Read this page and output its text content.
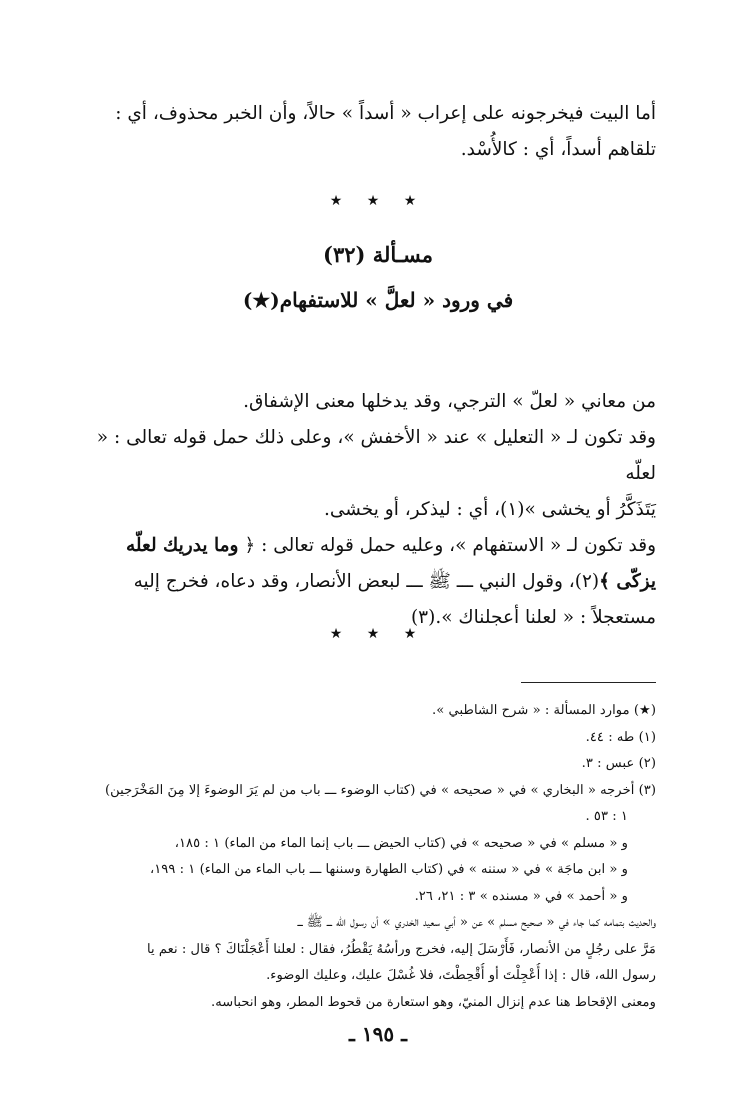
أما البيت فيخرجونه على إعراب « أسداً » حالاً، وأن الخبر محذوف، أي :
تلقاهم أسداً، أي : كالأُسْد.
★ ★ ★
مسـألة (٣٢)
في ورود « لعلَّ » للاستفهام(★)

من معاني « لعلّ » الترجي، وقد يدخلها معنى الإشفاق.

وقد تكون لـ « التعليل » عند « الأخفش »، وعلى ذلك حمل قوله تعالى : « لعلّه

يَتَذَكَّرُ أو يخشى »(١)، أي : ليذكر، أو يخشى.

وقد تكون لـ « الاستفهام »، وعليه حمل قوله تعالى : ﴿ وما يدريك لعلّه

يزكّى ﴾(٢)، وقول النبي ـــ ﷺ ـــ لبعض الأنصار، وقد دعاه، فخرج إليه

مستعجلاً : « لعلنا أعجلناك ».(٣)

★ ★ ★
(★) موارد المسألة : « شرح الشاطبي ».
(١) طه : ٤٤.
(٢) عبس : ٣.
(٣) أخرجه « البخاري » في « صحيحه » في (كتاب الوضوء ـــ باب من لم يَرَ الوضوءَ إلا مِنَ المَخْرَجين)
١ : ٥٣ .
و « مسلم » في « صحيحه » في (كتاب الحيض ـــ باب إنما الماء من الماء) ١ : ١٨٥،
و « ابن ماجَة » في « سننه » في (كتاب الطهارة وسننها ـــ باب الماء من الماء) ١ : ١٩٩،
و « أحمد » في « مسنده » ٣ : ٢١، ٢٦.
والحديث بتمامه كما جاء في « صحيح مسلم » عن « أبي سعيد الخدري » أن رسول الله ـــ ﷺ ـــ
مَرَّ على رجُلٍ من الأنصار، فَأَرْسَلَ إليه، فخرج ورأسُهُ يَقْطُرُ، فقال : لعلنا أَعْجَلْنَاكَ ؟ قال : نعم يا
رسول الله، قال : إذا أُعْجِلْتَ أو أُقْحِطْتَ، فلا غُسْلَ عليك، وعليك الوضوء.
ومعنى الإقحاط هنا عدم إنزال المنيّ، وهو استعارة من قحوط المطر، وهو انحباسه.
ـ ١٩٥ ـ
